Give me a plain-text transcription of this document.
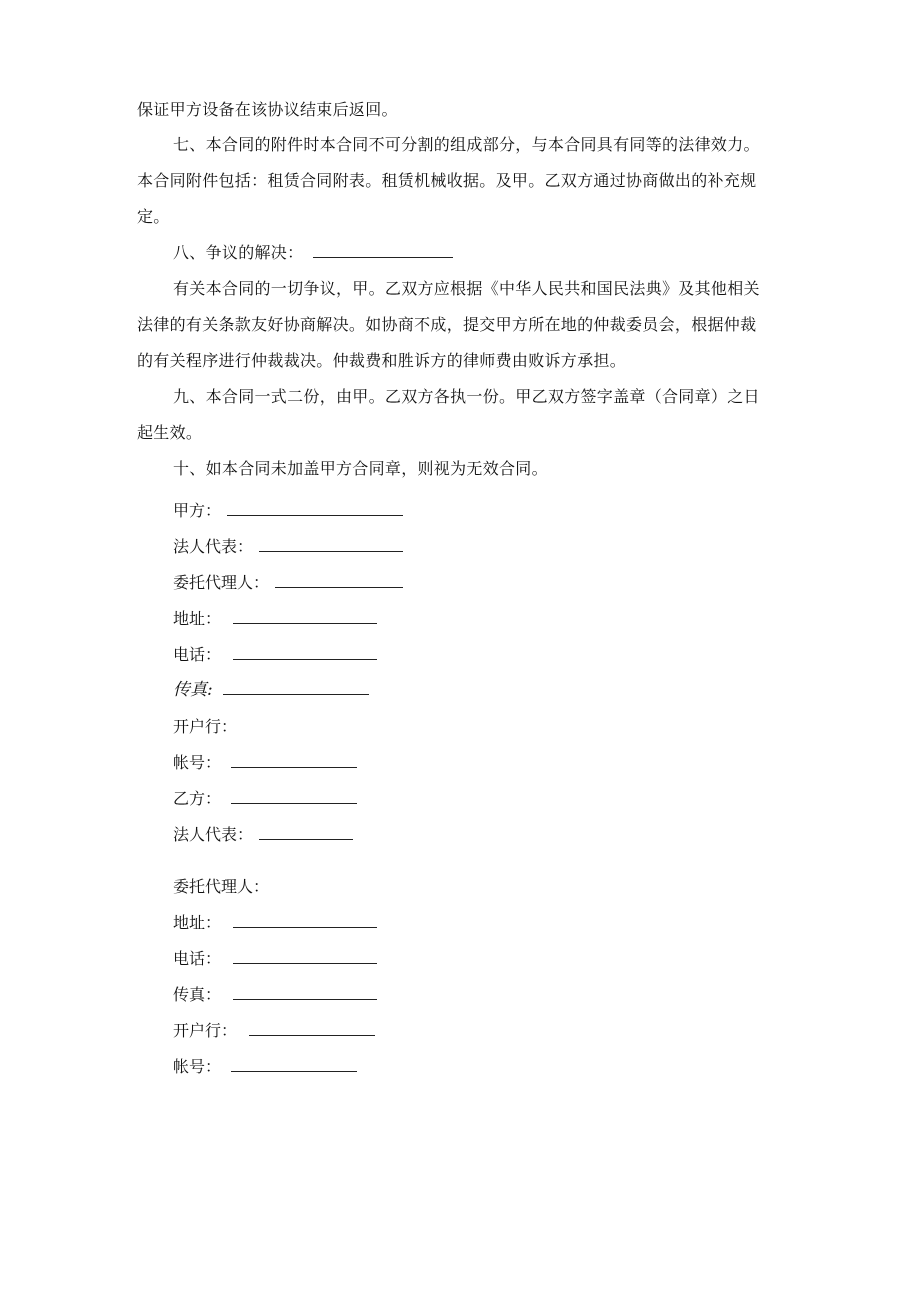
保证甲方设备在该协议结束后返回。
七、本合同的附件时本合同不可分割的组成部分，与本合同具有同等的法律效力。
本合同附件包括：租赁合同附表。租赁机械收据。及甲。乙双方通过协商做出的补充规
定。
八、争议的解决：
有关本合同的一切争议，甲。乙双方应根据《中华人民共和国民法典》及其他相关
法律的有关条款友好协商解决。如协商不成，提交甲方所在地的仲裁委员会，根据仲裁
的有关程序进行仲裁裁决。仲裁费和胜诉方的律师费由败诉方承担。
九、本合同一式二份，由甲。乙双方各执一份。甲乙双方签字盖章（合同章）之日
起生效。
十、如本合同未加盖甲方合同章，则视为无效合同。
甲方：
法人代表：
委托代理人：
地址：
电话：
传真:
开户行：
帐号：
乙方：
法人代表：
委托代理人：
地址：
电话：
传真：
开户行：
帐号：
